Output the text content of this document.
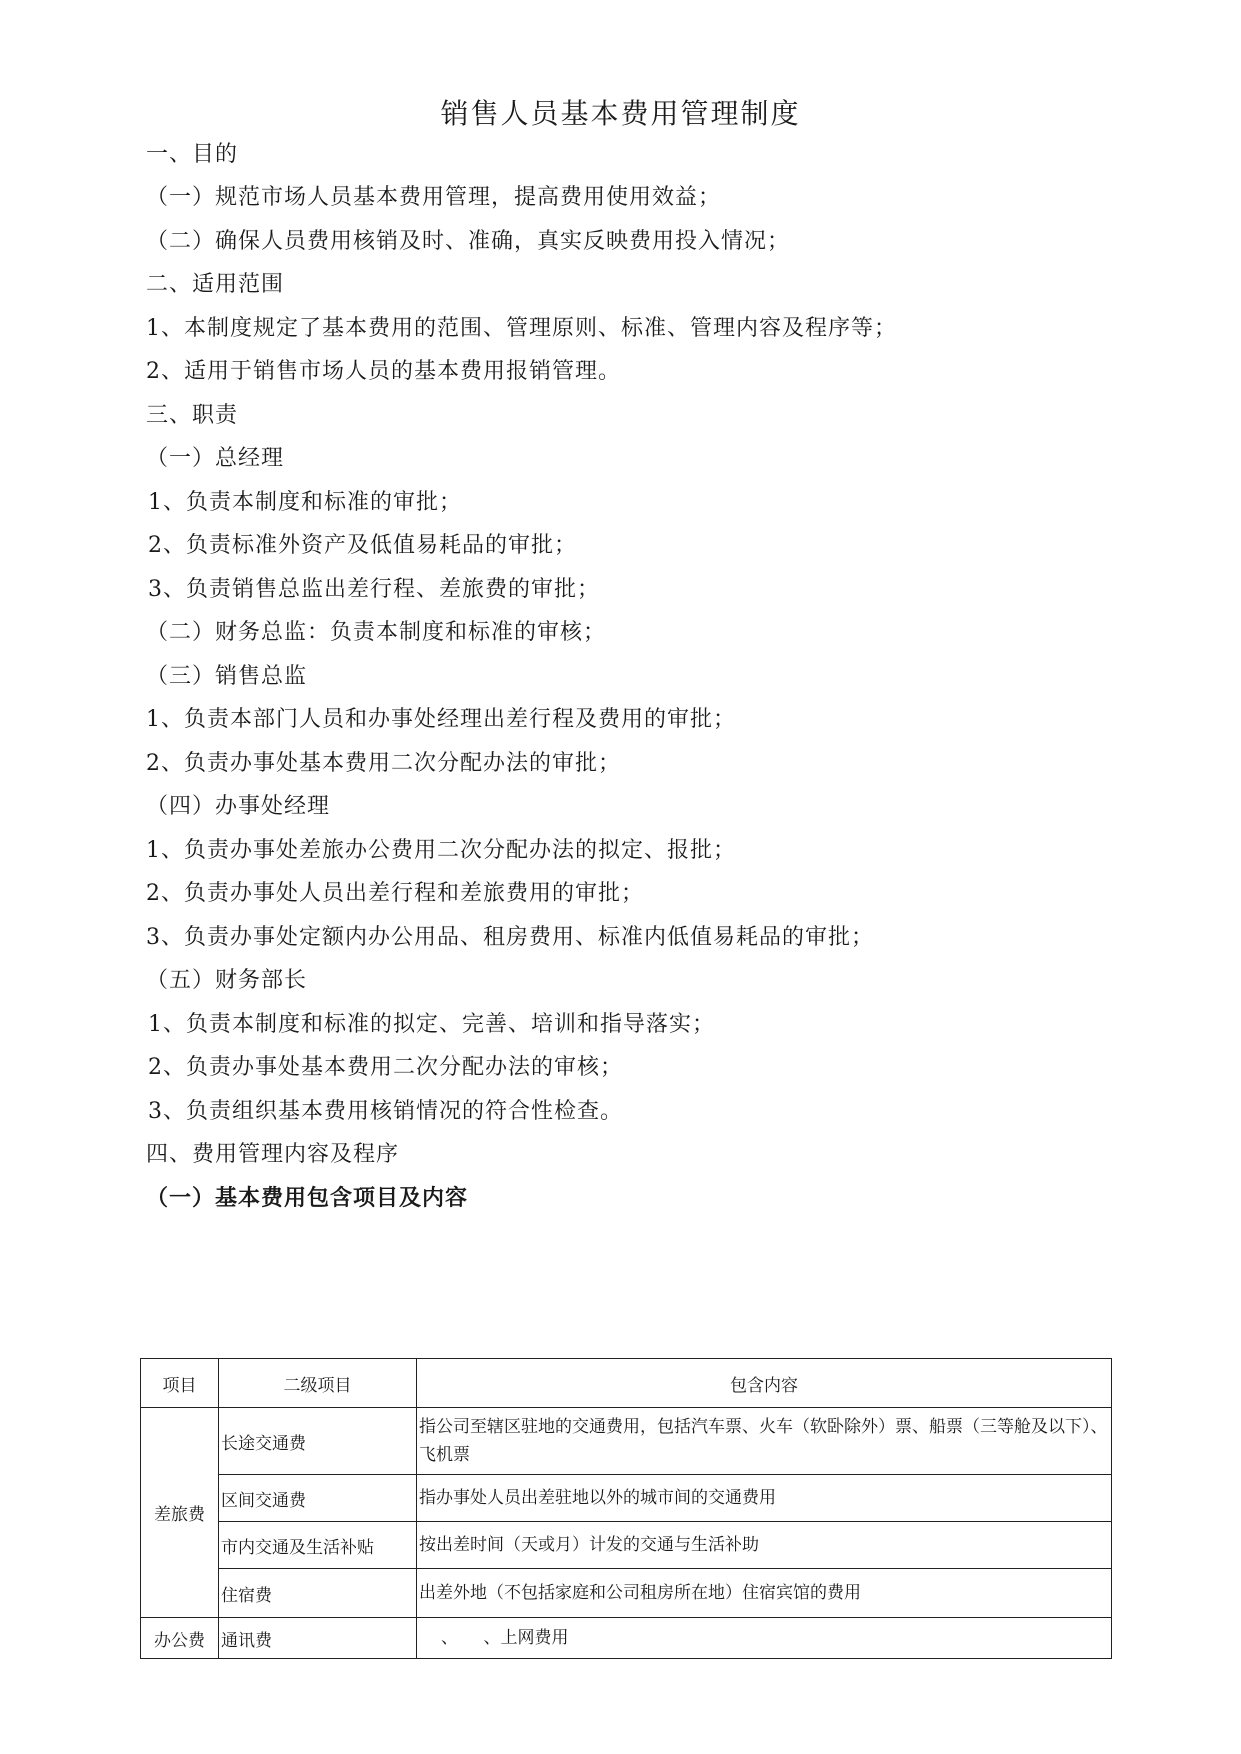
销售人员基本费用管理制度
一、目的
（一）规范市场人员基本费用管理，提高费用使用效益；
（二）确保人员费用核销及时、准确，真实反映费用投入情况；
二、适用范围
1、本制度规定了基本费用的范围、管理原则、标准、管理内容及程序等；
2、适用于销售市场人员的基本费用报销管理。
三、职责
（一）总经理
1、负责本制度和标准的审批；
2、负责标准外资产及低值易耗品的审批；
3、负责销售总监出差行程、差旅费的审批；
（二）财务总监：负责本制度和标准的审核；
（三）销售总监
1、负责本部门人员和办事处经理出差行程及费用的审批；
2、负责办事处基本费用二次分配办法的审批；
（四）办事处经理
1、负责办事处差旅办公费用二次分配办法的拟定、报批；
2、负责办事处人员出差行程和差旅费用的审批；
3、负责办事处定额内办公用品、租房费用、标准内低值易耗品的审批；
（五）财务部长
1、负责本制度和标准的拟定、完善、培训和指导落实；
2、负责办事处基本费用二次分配办法的审核；
3、负责组织基本费用核销情况的符合性检查。
四、费用管理内容及程序
（一）基本费用包含项目及内容
项目	二级项目	包含内容
差旅费	长途交通费	指公司至辖区驻地的交通费用，包括汽车票、火车（软卧除外）票、船票（三等舱及以下）、飞机票
	区间交通费	指办事处人员出差驻地以外的城市间的交通费用
	市内交通及生活补贴	按出差时间（天或月）计发的交通与生活补助
	住宿费	出差外地（不包括家庭和公司租房所在地）住宿宾馆的费用
办公费	通讯费	、　　、上网费用
